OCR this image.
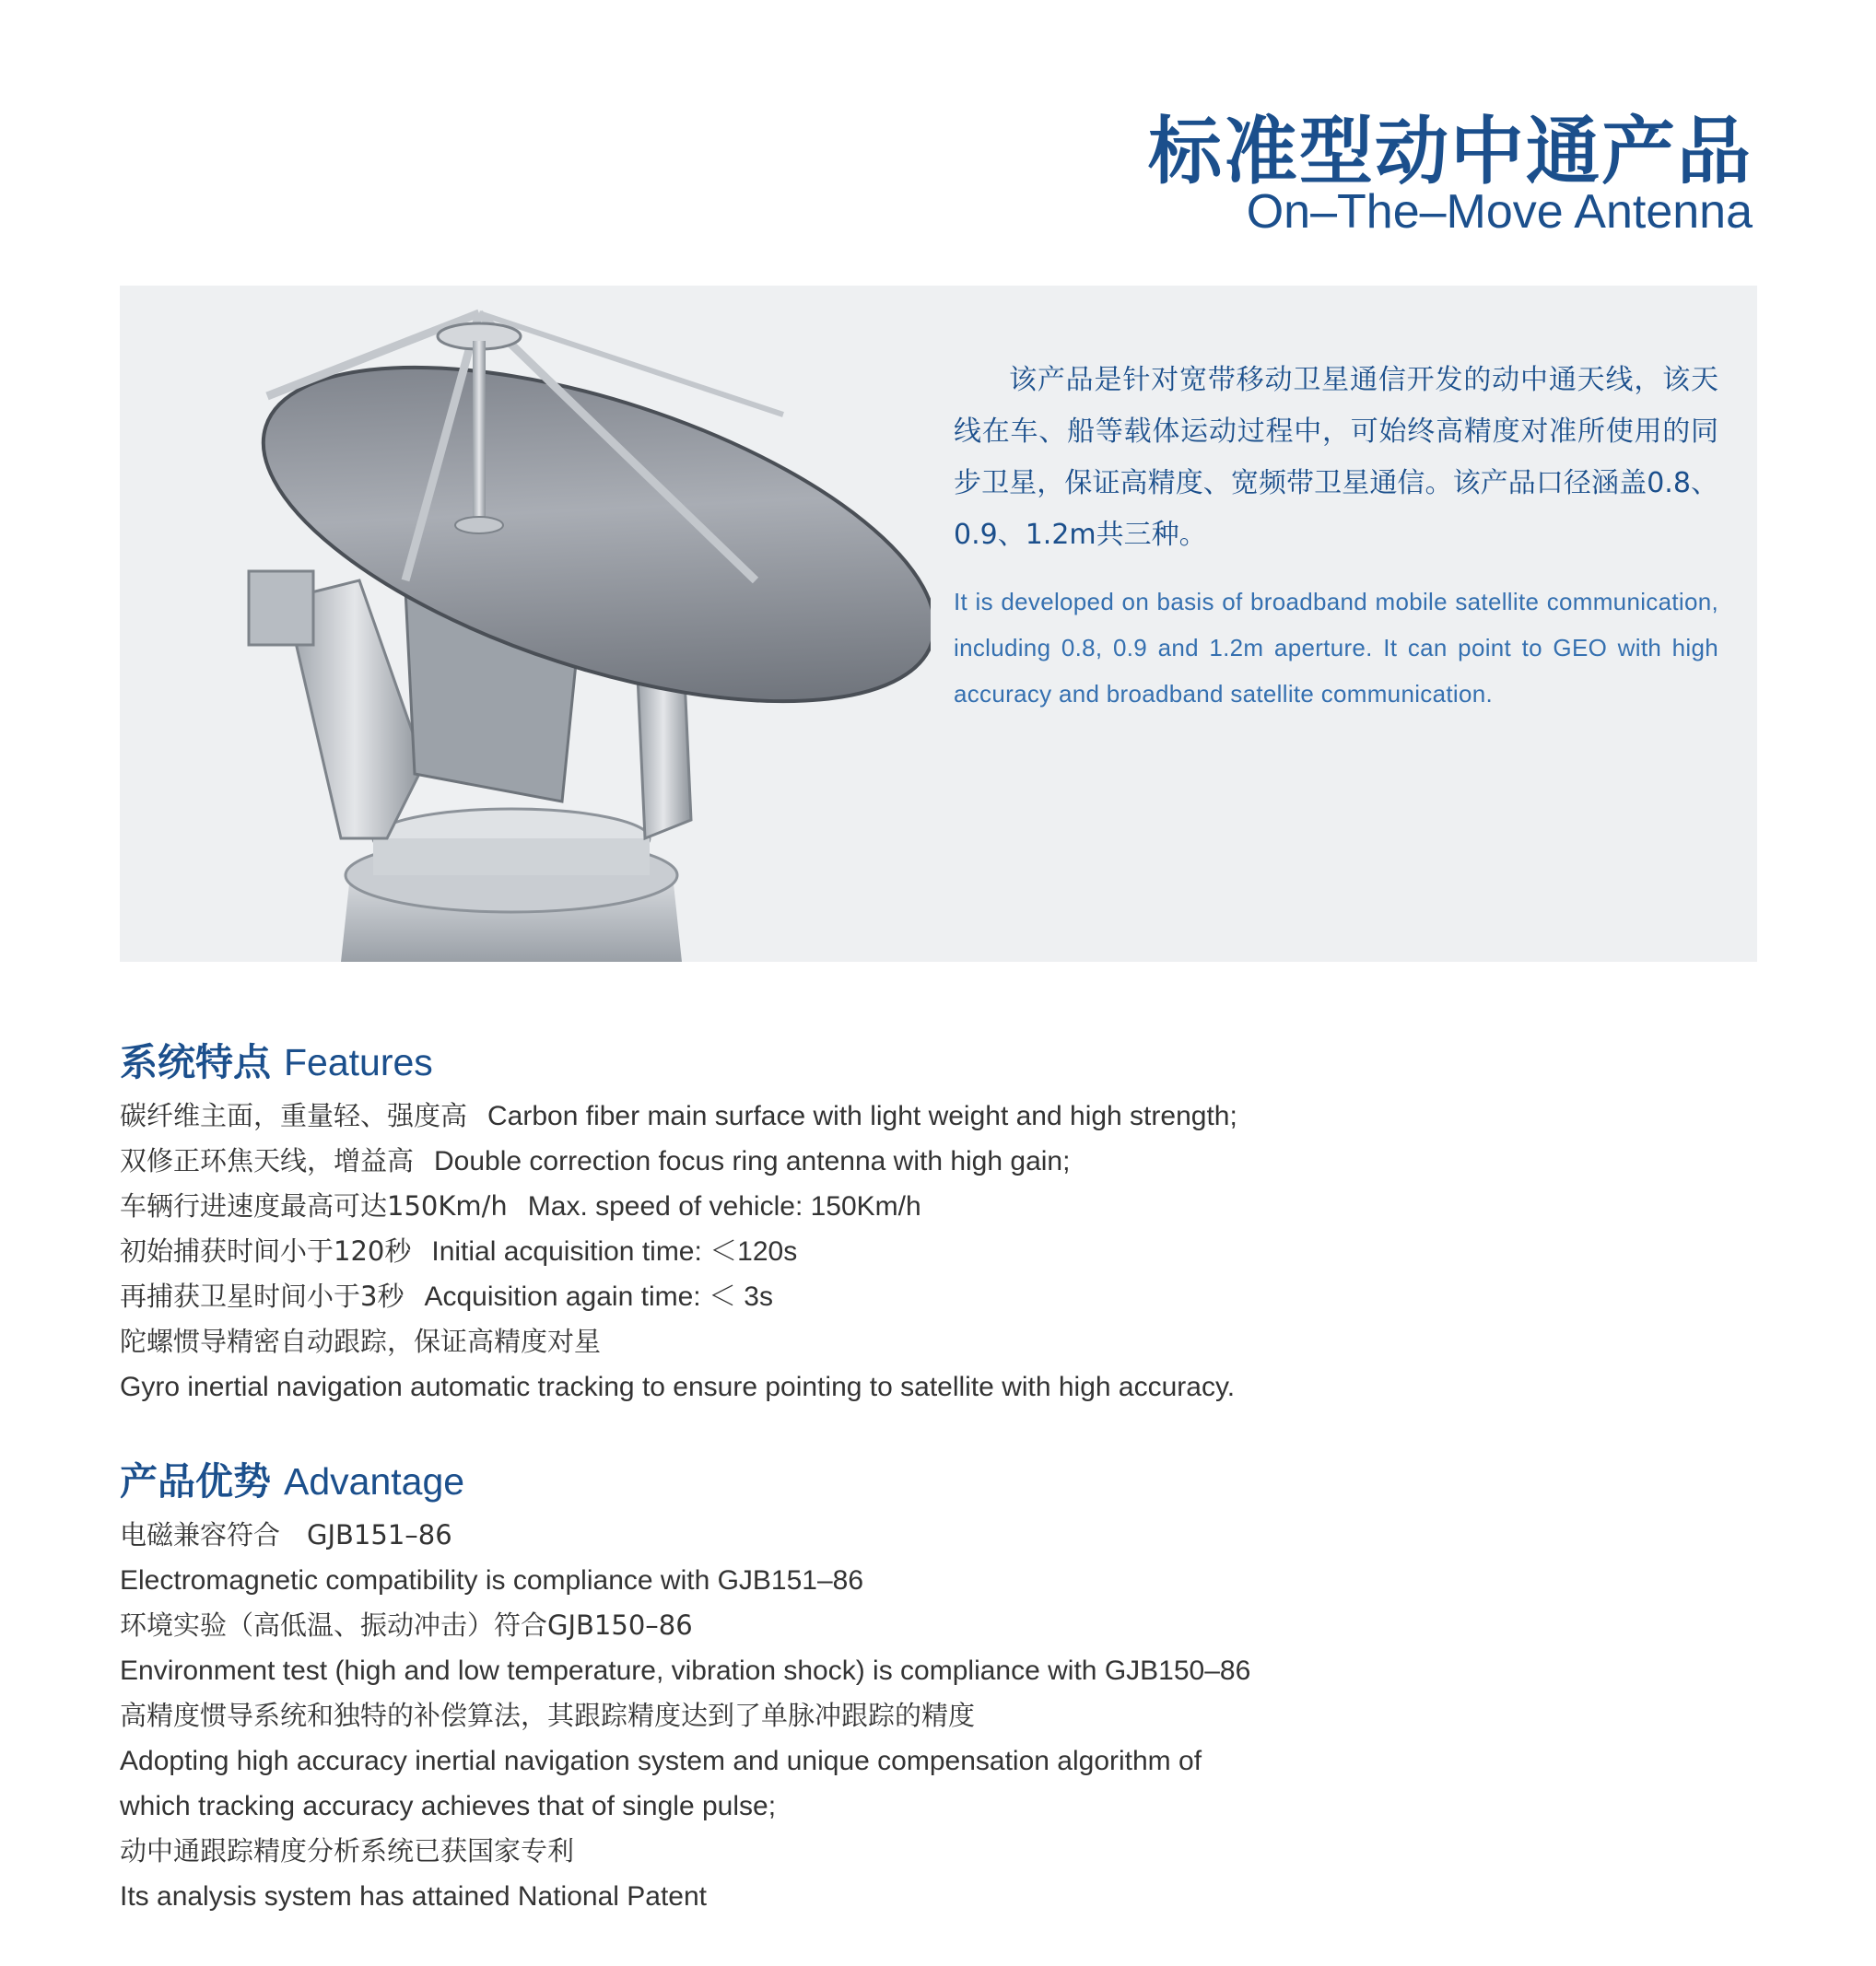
标准型动中通产品
On–The–Move Antenna

该产品是针对宽带移动卫星通信开发的动中通天线，该天线在车、船等载体运动过程中，可始终高精度对准所使用的同步卫星，保证高精度、宽频带卫星通信。该产品口径涵盖0.8、0.9、1.2m共三种。

It is developed on basis of broadband mobile satellite communication, including 0.8, 0.9 and 1.2m aperture. It can point to GEO with high accuracy and broadband satellite communication.

系统特点 Features
碳纤维主面，重量轻、强度高 Carbon fiber main surface with light weight and high strength;
双修正环焦天线，增益高 Double correction focus ring antenna with high gain;
车辆行进速度最高可达150Km/h Max. speed of vehicle: 150Km/h
初始捕获时间小于120秒 Initial acquisition time: ＜120s
再捕获卫星时间小于3秒 Acquisition again time: ＜ 3s
陀螺惯导精密自动跟踪，保证高精度对星
Gyro inertial navigation automatic tracking to ensure pointing to satellite with high accuracy.
产品优势 Advantage
电磁兼容符合　GJB151–86
Electromagnetic compatibility is compliance with GJB151–86
环境实验（高低温、振动冲击）符合GJB150–86
Environment test (high and low temperature, vibration shock) is compliance with GJB150–86
高精度惯导系统和独特的补偿算法，其跟踪精度达到了单脉冲跟踪的精度
Adopting high accuracy inertial navigation system and unique compensation algorithm of
which tracking accuracy achieves that of single pulse;
动中通跟踪精度分析系统已获国家专利
Its analysis system has attained National Patent
